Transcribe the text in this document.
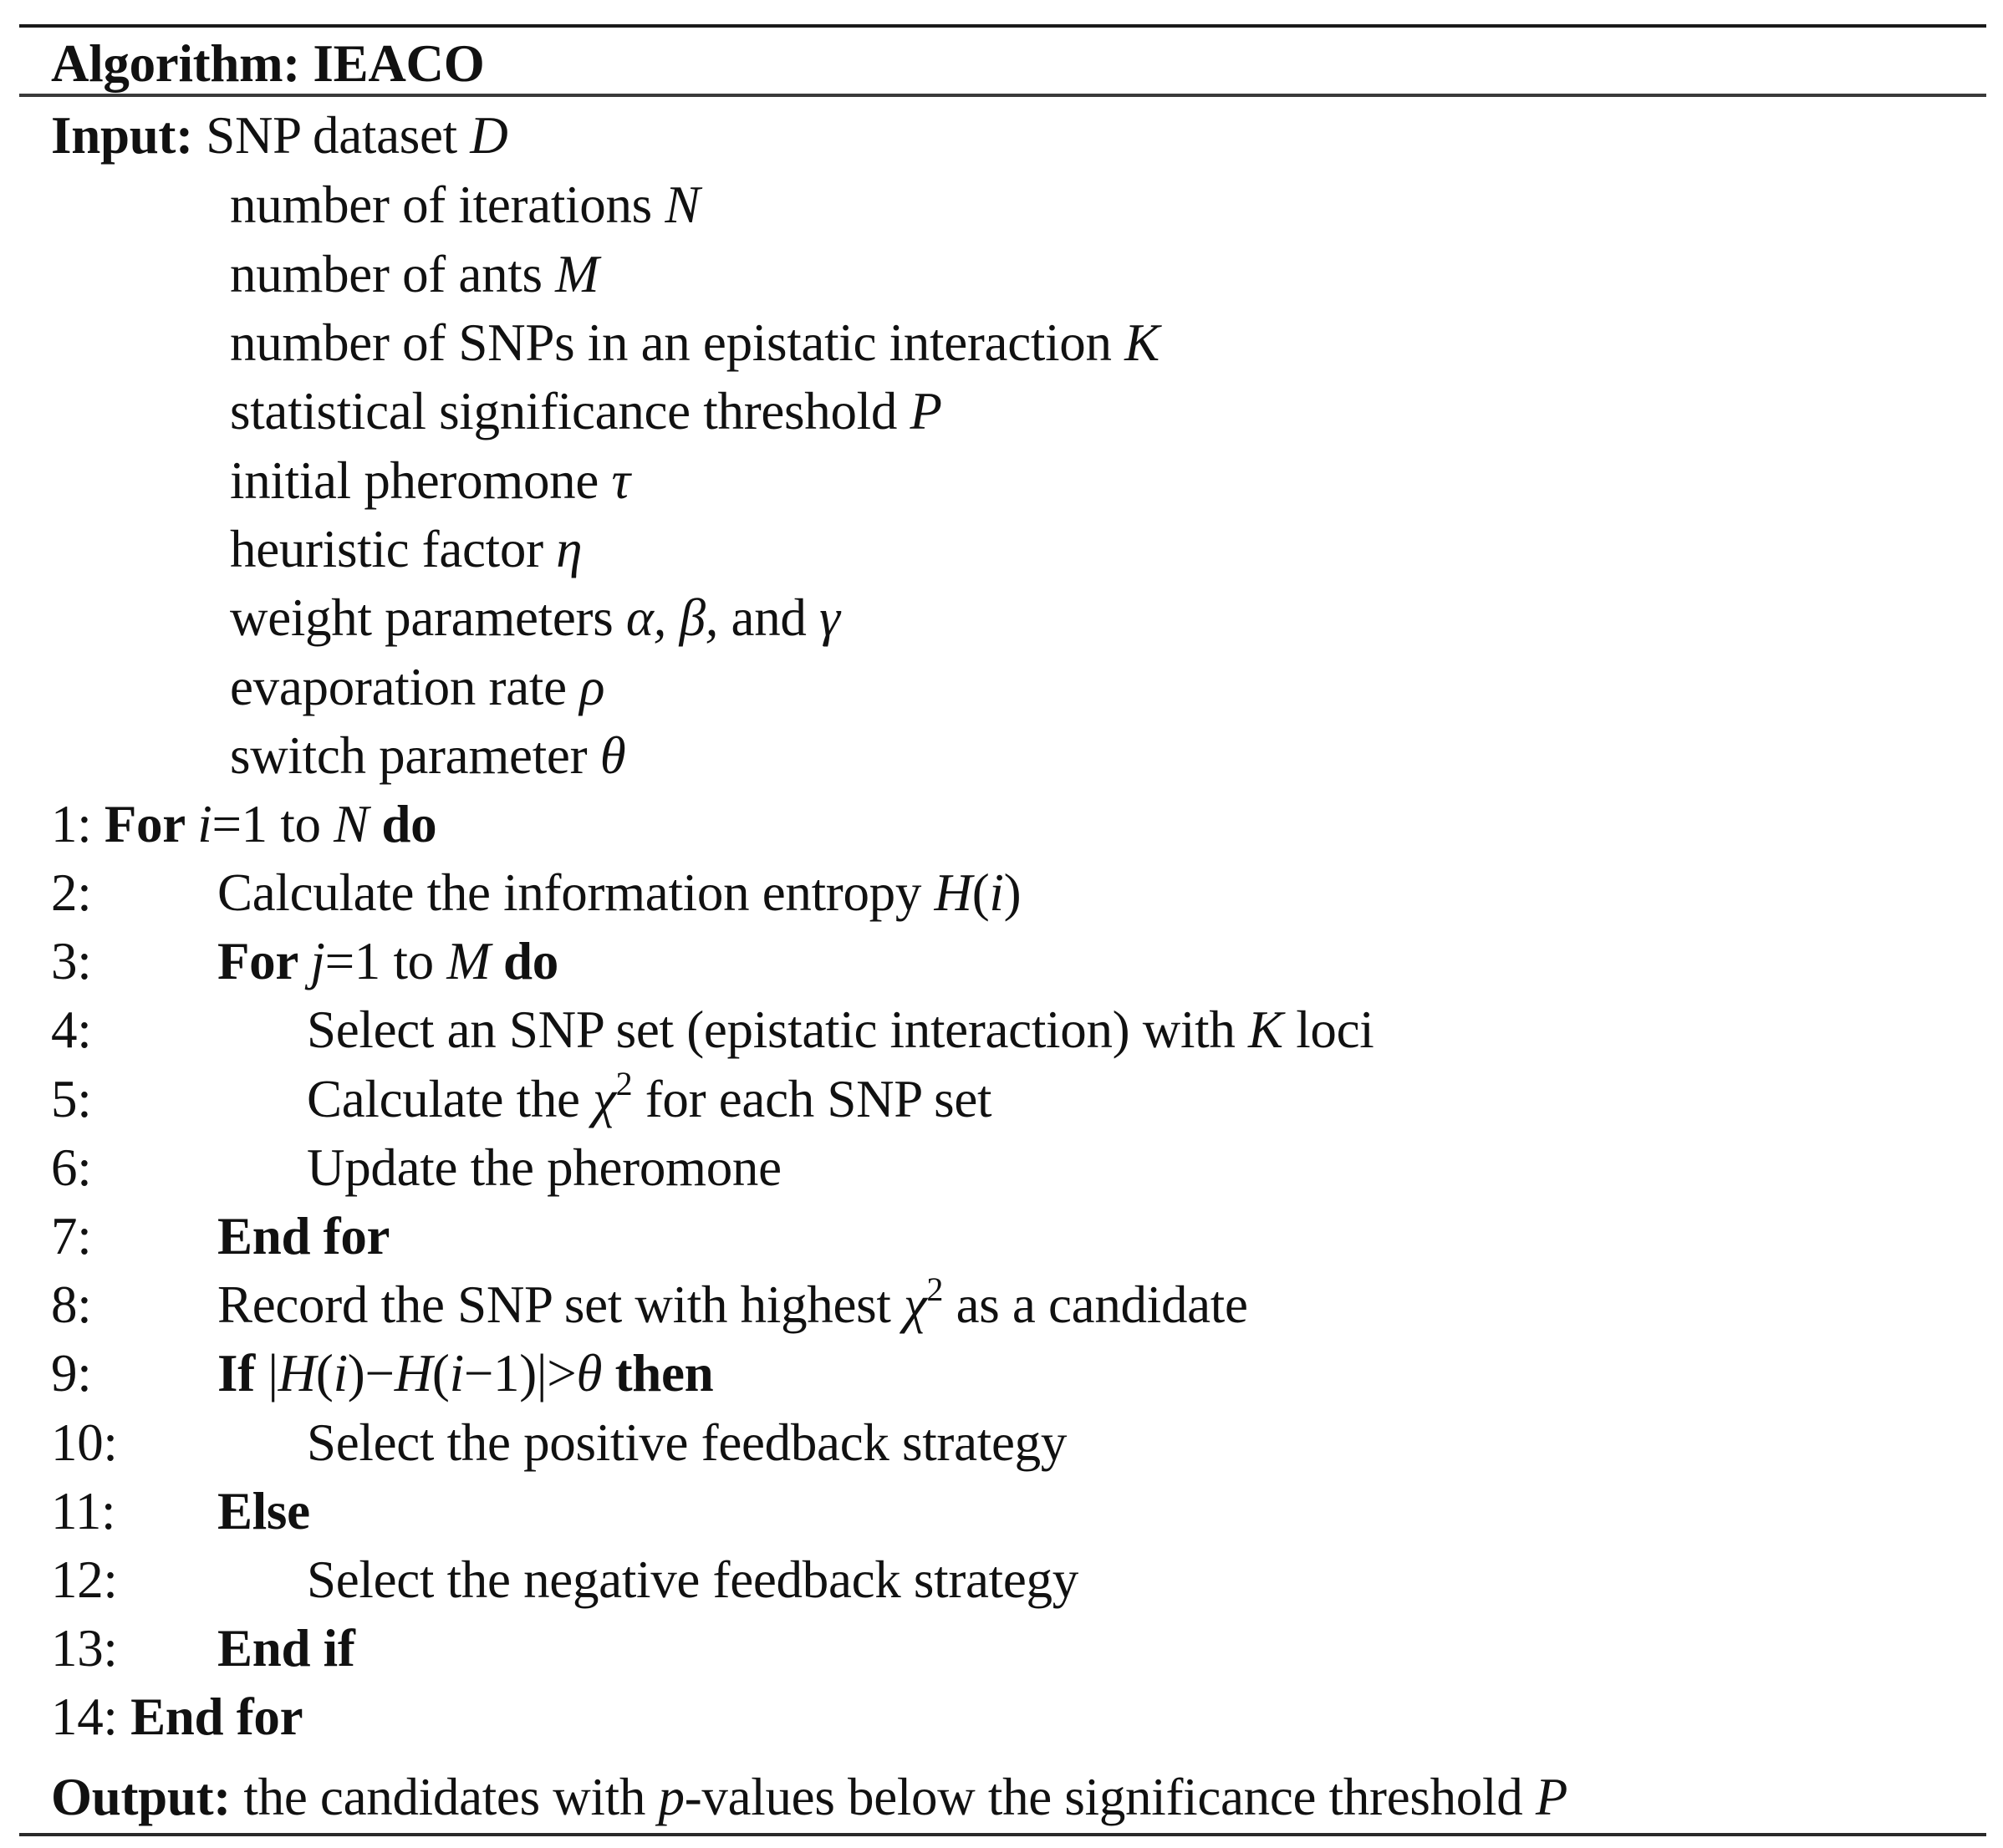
Algorithm: IEACO
Input: SNP dataset D
number of iterations N
number of ants M
number of SNPs in an epistatic interaction K
statistical significance threshold P
initial pheromone τ
heuristic factor η
weight parameters α, β, and γ
evaporation rate ρ
switch parameter θ
1: For i=1 to N do
2: Calculate the information entropy H(i)
3: For j=1 to M do
4:	Select an SNP set (epistatic interaction) with K loci
5:	Calculate the $\chi^2$ for each SNP set
6:	Update the pheromone
7: End for
8: Record the SNP set with highest $\chi^2$ as a candidate
9: If |H(i)−H(i−1)|>θ then
10:	Select the positive feedback strategy
11: Else
12:	Select the negative feedback strategy
13: End if
14: End for
Output: the candidates with p-values below the significance threshold P
